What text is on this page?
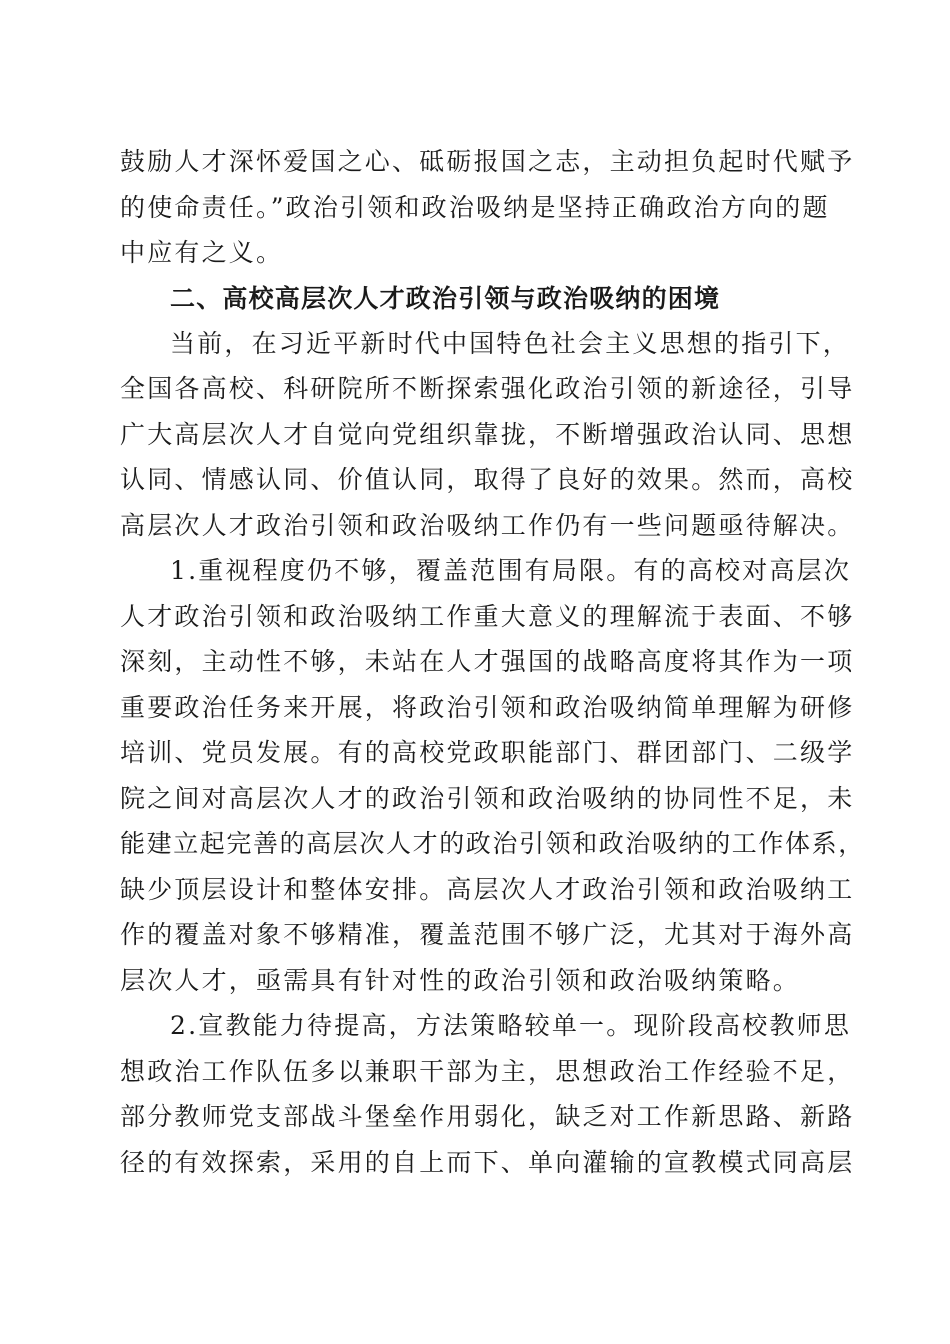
鼓励人才深怀爱国之心、砥砺报国之志，主动担负起时代赋予
的使命责任。”政治引领和政治吸纳是坚持正确政治方向的题
中应有之义。
二、高校高层次人才政治引领与政治吸纳的困境
当前，在习近平新时代中国特色社会主义思想的指引下，
全国各高校、科研院所不断探索强化政治引领的新途径，引导
广大高层次人才自觉向党组织靠拢，不断增强政治认同、思想
认同、情感认同、价值认同，取得了良好的效果。然而，高校
高层次人才政治引领和政治吸纳工作仍有一些问题亟待解决。
1.重视程度仍不够，覆盖范围有局限。有的高校对高层次
人才政治引领和政治吸纳工作重大意义的理解流于表面、不够
深刻，主动性不够，未站在人才强国的战略高度将其作为一项
重要政治任务来开展，将政治引领和政治吸纳简单理解为研修
培训、党员发展。有的高校党政职能部门、群团部门、二级学
院之间对高层次人才的政治引领和政治吸纳的协同性不足，未
能建立起完善的高层次人才的政治引领和政治吸纳的工作体系，
缺少顶层设计和整体安排。高层次人才政治引领和政治吸纳工
作的覆盖对象不够精准，覆盖范围不够广泛，尤其对于海外高
层次人才，亟需具有针对性的政治引领和政治吸纳策略。
2.宣教能力待提高，方法策略较单一。现阶段高校教师思
想政治工作队伍多以兼职干部为主，思想政治工作经验不足，
部分教师党支部战斗堡垒作用弱化，缺乏对工作新思路、新路
径的有效探索，采用的自上而下、单向灌输的宣教模式同高层
